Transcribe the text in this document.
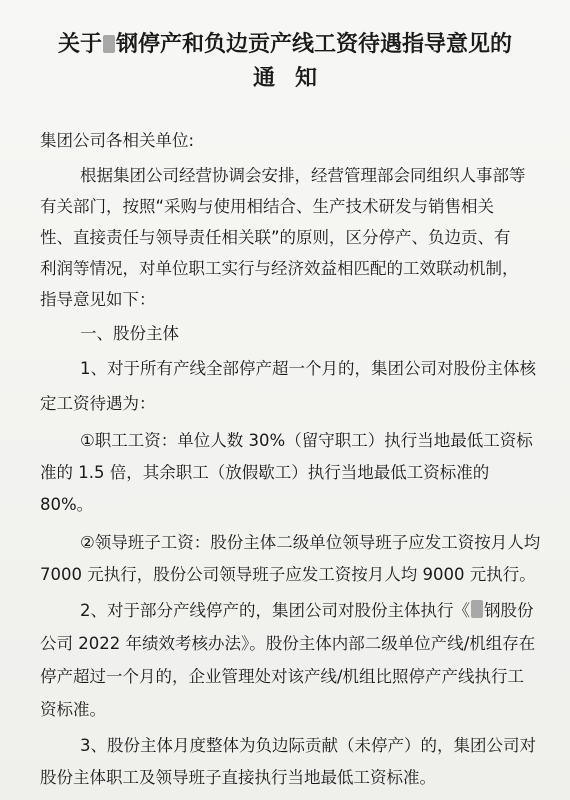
关于 钢停产和负边贡产线工资待遇指导意见的
通知
集团公司各相关单位:
根据集团公司经营协调会安排，经营管理部会同组织人事部等
有关部门，按照“采购与使用相结合、生产技术研发与销售相关
性、直接责任与领导责任相关联”的原则，区分停产、负边贡、有
利润等情况，对单位职工实行与经济效益相匹配的工效联动机制，
指导意见如下：
一、股份主体
1、对于所有产线全部停产超一个月的，集团公司对股份主体核
定工资待遇为：
①职工工资：单位人数 30%（留守职工）执行当地最低工资标
准的 1.5 倍，其余职工（放假歇工）执行当地最低工资标准的
80%。
②领导班子工资：股份主体二级单位领导班子应发工资按月人均
7000 元执行，股份公司领导班子应发工资按月人均 9000 元执行。
2、对于部分产线停产的，集团公司对股份主体执行《 钢股份
公司 2022 年绩效考核办法》。股份主体内部二级单位产线/机组存在
停产超过一个月的，企业管理处对该产线/机组比照停产产线执行工
资标准。
3、股份主体月度整体为负边际贡献（未停产）的，集团公司对
股份主体职工及领导班子直接执行当地最低工资标准。
